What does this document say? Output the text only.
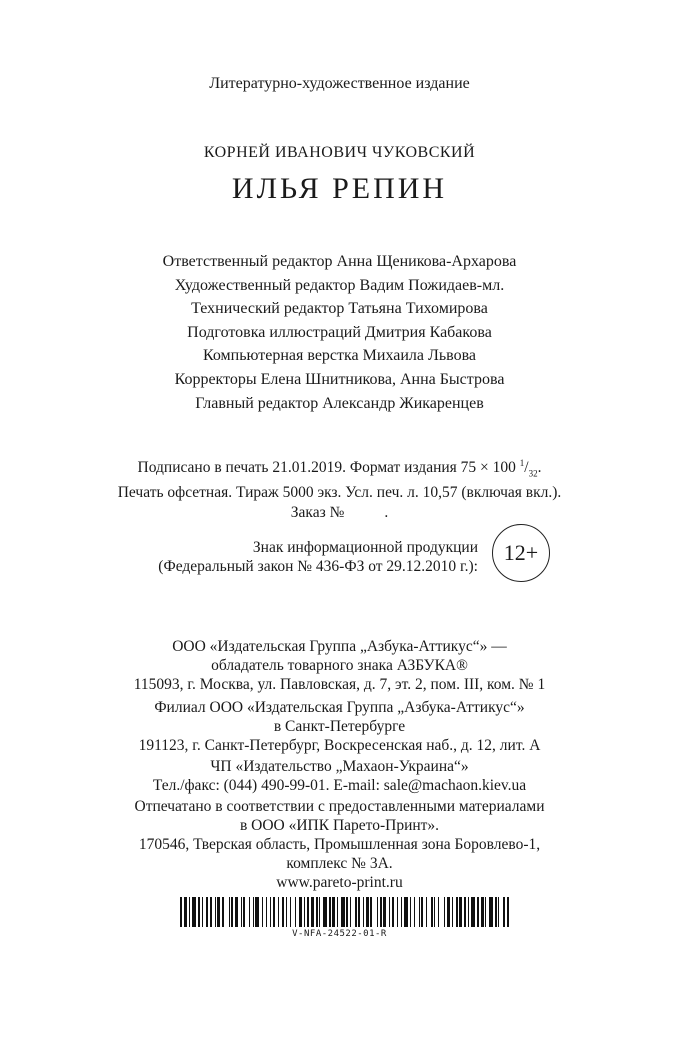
Литературно-художественное издание
КОРНЕЙ ИВАНОВИЧ ЧУКОВСКИЙ
ИЛЬЯ РЕПИН
Ответственный редактор Анна Щеникова-Архарова
Художественный редактор Вадим Пожидаев-мл.
Технический редактор Татьяна Тихомирова
Подготовка иллюстраций Дмитрия Кабакова
Компьютерная верстка Михаила Львова
Корректоры Елена Шнитникова, Анна Быстрова
Главный редактор Александр Жикаренцев
Подписано в печать 21.01.2019. Формат издания 75 × 100 $^1/_{32}$.
Печать офсетная. Тираж 5000 экз. Усл. печ. л. 10,57 (включая вкл.).
Заказ №	.
Знак информационной продукции
(Федеральный закон № 436-ФЗ от 29.12.2010 г.):
12+
ООО «Издательская Группа „Азбука-Аттикус“» —
обладатель товарного знака АЗБУКА®
115093, г. Москва, ул. Павловская, д. 7, эт. 2, пом. III, ком. № 1
Филиал ООО «Издательская Группа „Азбука-Аттикус“»
в Санкт-Петербурге
191123, г. Санкт-Петербург, Воскресенская наб., д. 12, лит. А
ЧП «Издательство „Махаон-Украина“»
Тел./факс: (044) 490-99-01. E-mail: sale@machaon.kiev.ua
Отпечатано в соответствии с предоставленными материалами
в ООО «ИПК Парето-Принт».
170546, Тверская область, Промышленная зона Боровлево-1,
комплекс № 3А.
www.pareto-print.ru
V-NFA-24522-01-R
